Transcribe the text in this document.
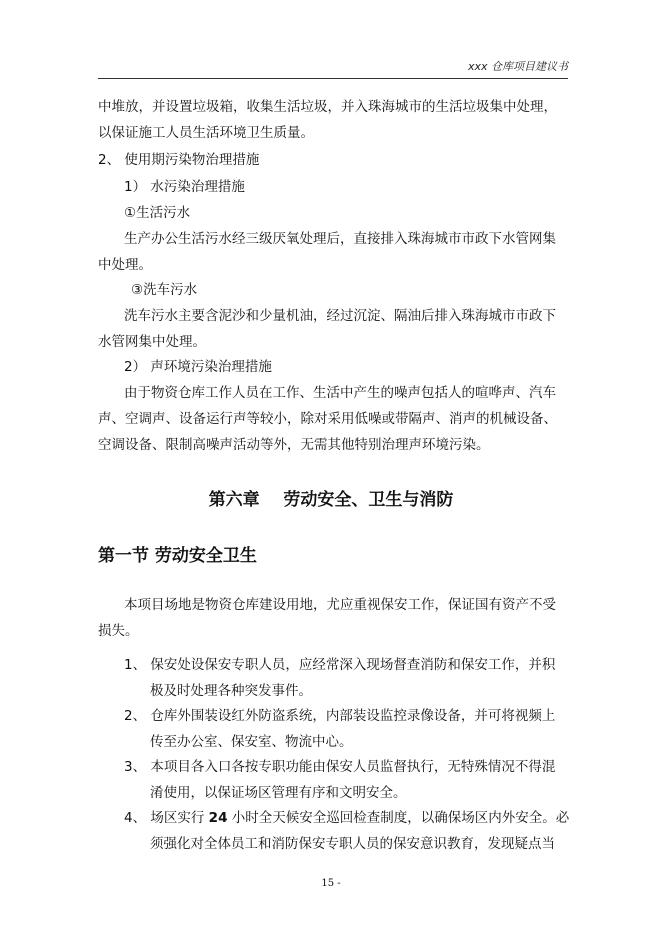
xxx 仓库项目建议书
中堆放，并设置垃圾箱，收集生活垃圾，并入珠海城市的生活垃圾集中处理，
以保证施工人员生活环境卫生质量。
2、 使用期污染物治理措施
1） 水污染治理措施
①生活污水
生产办公生活污水经三级厌氧处理后，直接排入珠海城市市政下水管网集
中处理。
③洗车污水
洗车污水主要含泥沙和少量机油，经过沉淀、隔油后排入珠海城市市政下
水管网集中处理。
2） 声环境污染治理措施
由于物资仓库工作人员在工作、生活中产生的噪声包括人的喧哗声、汽车
声、空调声、设备运行声等较小，除对采用低噪或带隔声、消声的机械设备、
空调设备、限制高噪声活动等外，无需其他特别治理声环境污染。
第六章    劳动安全、卫生与消防
第一节 劳动安全卫生
本项目场地是物资仓库建设用地，尤应重视保安工作，保证国有资产不受
损失。
1、 保安处设保安专职人员，应经常深入现场督查消防和保安工作，并积
极及时处理各种突发事件。
2、 仓库外围装设红外防盗系统，内部装设监控录像设备，并可将视频上
传至办公室、保安室、物流中心。
3、 本项目各入口各按专职功能由保安人员监督执行，无特殊情况不得混
淆使用，以保证场区管理有序和文明安全。
4、 场区实行 24 小时全天候安全巡回检查制度，以确保场区内外安全。必
须强化对全体员工和消防保安专职人员的保安意识教育，发现疑点当
15 -
